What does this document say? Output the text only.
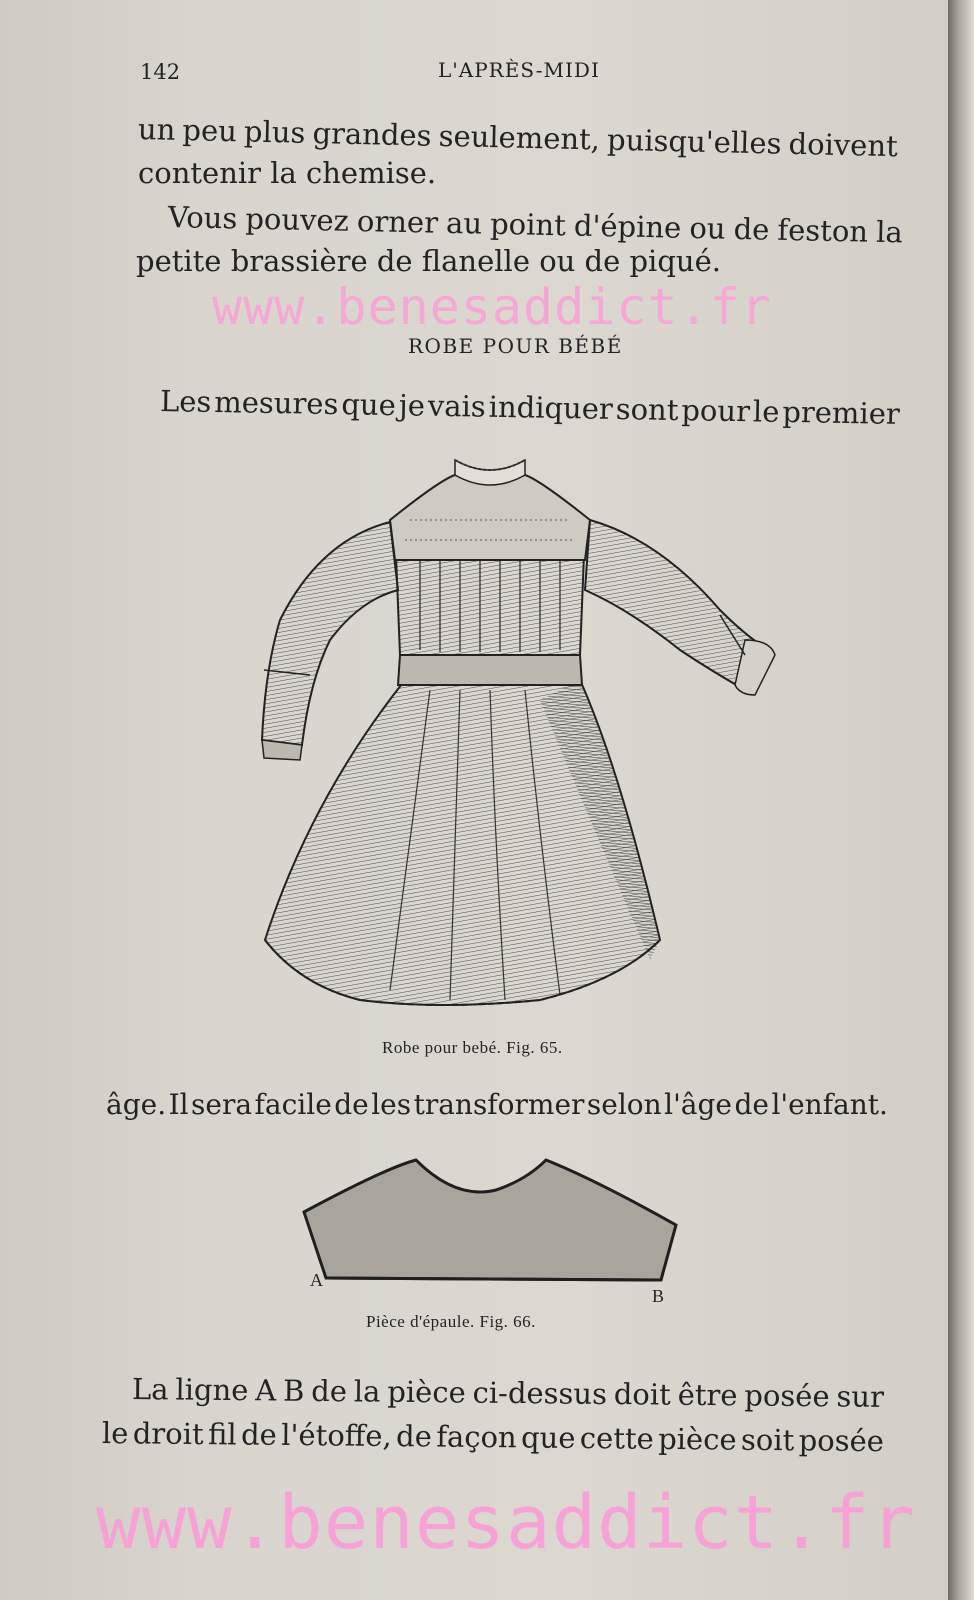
142	L'APRÈS-MIDI
un peu plus grandes seulement, puisqu'elles doivent
contenir la chemise.
Vous pouvez orner au point d'épine ou de feston la
petite brassière de flanelle ou de piqué.
www.benesaddict.fr
ROBE POUR BÉBÉ
Les mesures que je vais indiquer sont pour le premier
Robe pour bebé. Fig. 65.
âge. Il sera facile de les transformer selon l'âge de l'enfant.
A
B
Pièce d'épaule. Fig. 66.
La ligne A B de la pièce ci-dessus doit être posée sur
le droit fil de l'étoffe, de façon que cette pièce soit posée
www.benesaddict.fr
